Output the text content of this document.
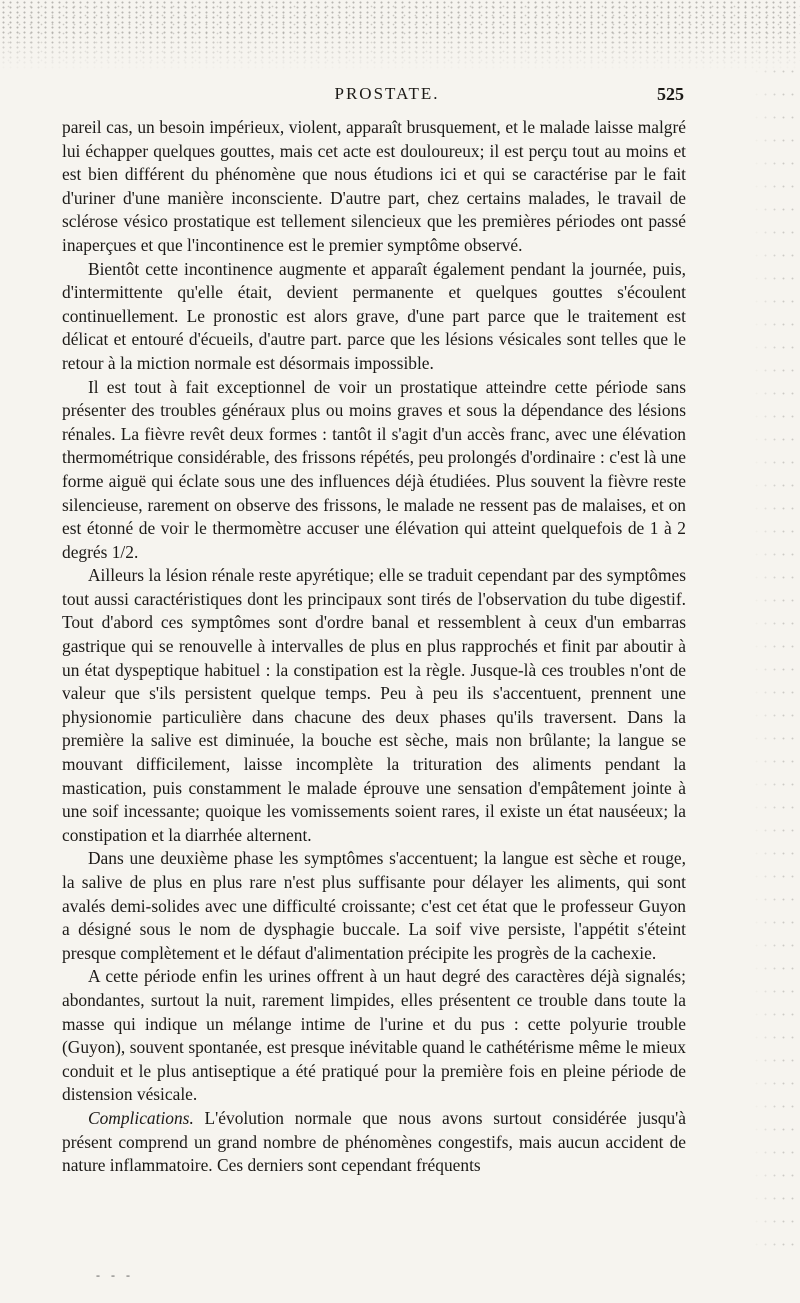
PROSTATE.	525

pareil cas, un besoin impérieux, violent, apparaît brusquement, et le malade laisse malgré lui échapper quelques gouttes, mais cet acte est douloureux; il est perçu tout au moins et est bien différent du phénomène que nous étudions ici et qui se caractérise par le fait d'uriner d'une manière inconsciente. D'autre part, chez certains malades, le travail de sclérose vésico prostatique est tellement silencieux que les premières périodes ont passé inaperçues et que l'incontinence est le premier symptôme observé.

Bientôt cette incontinence augmente et apparaît également pendant la journée, puis, d'intermittente qu'elle était, devient permanente et quelques gouttes s'écoulent continuellement. Le pronostic est alors grave, d'une part parce que le traitement est délicat et entouré d'écueils, d'autre part. parce que les lésions vésicales sont telles que le retour à la miction normale est désormais impossible.

Il est tout à fait exceptionnel de voir un prostatique atteindre cette période sans présenter des troubles généraux plus ou moins graves et sous la dépendance des lésions rénales. La fièvre revêt deux formes : tantôt il s'agit d'un accès franc, avec une élévation thermométrique considérable, des frissons répétés, peu prolongés d'ordinaire : c'est là une forme aiguë qui éclate sous une des influences déjà étudiées. Plus souvent la fièvre reste silencieuse, rarement on observe des frissons, le malade ne ressent pas de malaises, et on est étonné de voir le thermomètre accuser une élévation qui atteint quelquefois de 1 à 2 degrés 1/2.

Ailleurs la lésion rénale reste apyrétique; elle se traduit cependant par des symptômes tout aussi caractéristiques dont les principaux sont tirés de l'observation du tube digestif. Tout d'abord ces symptômes sont d'ordre banal et ressemblent à ceux d'un embarras gastrique qui se renouvelle à intervalles de plus en plus rapprochés et finit par aboutir à un état dyspeptique habituel : la constipation est la règle. Jusque-là ces troubles n'ont de valeur que s'ils persistent quelque temps. Peu à peu ils s'accentuent, prennent une physionomie particulière dans chacune des deux phases qu'ils traversent. Dans la première la salive est diminuée, la bouche est sèche, mais non brûlante; la langue se mouvant difficilement, laisse incomplète la trituration des aliments pendant la mastication, puis constamment le malade éprouve une sensation d'empâtement jointe à une soif incessante; quoique les vomissements soient rares, il existe un état nauséeux; la constipation et la diarrhée alternent.

Dans une deuxième phase les symptômes s'accentuent; la langue est sèche et rouge, la salive de plus en plus rare n'est plus suffisante pour délayer les aliments, qui sont avalés demi-solides avec une difficulté croissante; c'est cet état que le professeur Guyon a désigné sous le nom de dysphagie buccale. La soif vive persiste, l'appétit s'éteint presque complètement et le défaut d'alimentation précipite les progrès de la cachexie.

A cette période enfin les urines offrent à un haut degré des caractères déjà signalés; abondantes, surtout la nuit, rarement limpides, elles présentent ce trouble dans toute la masse qui indique un mélange intime de l'urine et du pus : cette polyurie trouble (Guyon), souvent spontanée, est presque inévitable quand le cathétérisme même le mieux conduit et le plus antiseptique a été pratiqué pour la première fois en pleine période de distension vésicale.

Complications. L'évolution normale que nous avons surtout considérée jusqu'à présent comprend un grand nombre de phénomènes congestifs, mais aucun accident de nature inflammatoire. Ces derniers sont cependant fréquents

- - -
